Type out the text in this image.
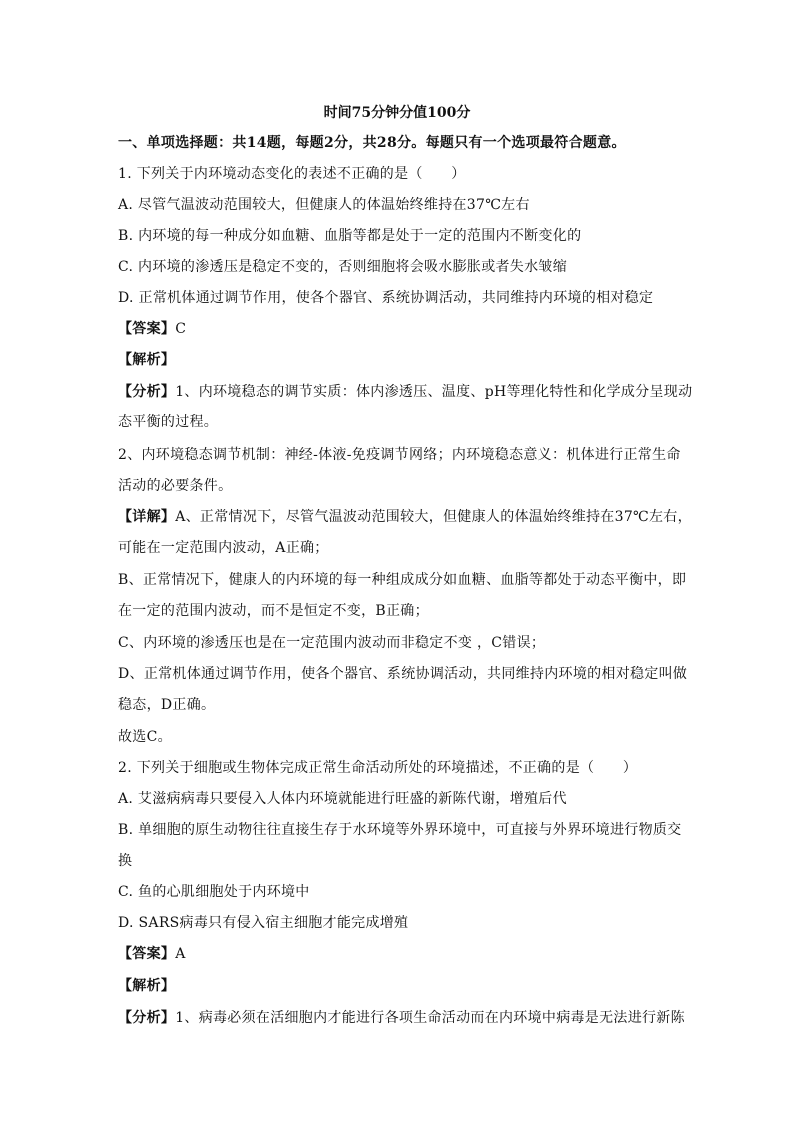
时间75分钟分值100分
一、单项选择题：共14题，每题2分，共28分。每题只有一个选项最符合题意。
1. 下列关于内环境动态变化的表述不正确的是（　　）
A. 尽管气温波动范围较大，但健康人的体温始终维持在37℃左右
B. 内环境的每一种成分如血糖、血脂等都是处于一定的范围内不断变化的
C. 内环境的渗透压是稳定不变的，否则细胞将会吸水膨胀或者失水皱缩
D. 正常机体通过调节作用，使各个器官、系统协调活动，共同维持内环境的相对稳定
【答案】C
【解析】
【分析】1、内环境稳态的调节实质：体内渗透压、温度、pH等理化特性和化学成分呈现动
态平衡的过程。
2、内环境稳态调节机制：神经-体液-免疫调节网络；内环境稳态意义：机体进行正常生命
活动的必要条件。
【详解】A、正常情况下，尽管气温波动范围较大，但健康人的体温始终维持在37℃左右，
可能在一定范围内波动，A正确；
B、正常情况下，健康人的内环境的每一种组成成分如血糖、血脂等都处于动态平衡中，即
在一定的范围内波动，而不是恒定不变，B正确；
C、内环境的渗透压也是在一定范围内波动而非稳定不变 ，C错误；
D、正常机体通过调节作用，使各个器官、系统协调活动，共同维持内环境的相对稳定叫做
稳态，D正确。
故选C。
2. 下列关于细胞或生物体完成正常生命活动所处的环境描述，不正确的是（　　）
A. 艾滋病病毒只要侵入人体内环境就能进行旺盛的新陈代谢，增殖后代
B. 单细胞的原生动物往往直接生存于水环境等外界环境中，可直接与外界环境进行物质交
换
C. 鱼的心肌细胞处于内环境中
D. SARS病毒只有侵入宿主细胞才能完成增殖
【答案】A
【解析】
【分析】1、病毒必须在活细胞内才能进行各项生命活动而在内环境中病毒是无法进行新陈
